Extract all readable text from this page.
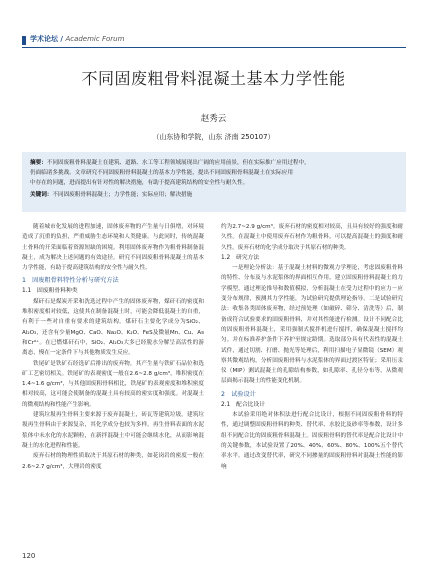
学术论坛 / Academic Forum
不同固废粗骨料混凝土基本力学性能
赵秀云
（山东协和学院，山东 济南 250107）

摘要：不同固废粗骨料混凝土在建筑、道路、水工等工程领域展现出广阔的应用前景，但在实际推广应用过程中，

仍面临诸多挑战。文章研究不同固废粗骨料混凝土的基本力学性能，提出不同固废粗骨料混凝土在实际应用

中存在的问题，进而提出有针对性的解决措施，有助于提高建筑结构的安全性与耐久性。

关键词：不同固废粗骨料混凝土；力学性能；实际应用；解决措施

随着城市化发展的进程加速，固体废弃物的产生量与日俱增，对环境造成了沉重的负担，严重威胁生态环境和人类健康。与此同时，传统混凝土骨料的开采面临着资源短缺的困境。利用固体废弃物作为粗骨料制备混凝土，成为解决上述问题的有效途径。研究不同固废粗骨料混凝土的基本力学性能，有助于提高建筑结构的安全性与耐久性。

1　固废粗骨料特性分析与研究方法
1.1　固废粗骨料种类

煤矸石是煤炭开采和洗选过程中产生的固体废弃物，煤矸石的密度和堆积密度相对较低，这使其在制备混凝土时，可能会降低混凝土的自重，有利于一些对自重有要求的建筑结构。煤矸石主要化学成分为SiO₂、Al₂O₃，还含有少量MgO、CaO、Na₂O、K₂O、FeS及微量Mn、Cu、As和Cr⁶⁺。在已燃煤矸石中，SiO₂、Al₂O₃大多已经脱水分解呈高活性的游离态，慢在一定条件下与其他物质发生反应。

铁尾矿是铁矿石经选矿后排出的废弃物，其产生量与铁矿石品位和选矿工艺密切相关。铁尾矿的表观密度一般在2.6~2.8 g/cm³，堆积密度在1.4~1.6 g/cm³，与其他固废粗骨料相比，铁尾矿的表观密度和堆积密度相对较高，这可能会使制备的混凝土具有较高的密实度和强度。对混凝土的微观结构和性能产生影响。

建筑垃圾再生骨料主要来源于废弃混凝土，砖瓦等建筑垃圾。建筑垃圾再生骨料由于来源复杂，其化学成分也较为多样。再生骨料表面的水泥浆体中未水化的水泥颗粒，在新拌混凝土中可能会继续水化，从而影响混凝土的水化进程和性能。

废弃石材的物理性质取决于其原石材的种类，如花岗岩的密度一般在2.6~2.7 g/cm³，大理岩的密度

约为2.7~2.9 g/cm³。废弃石材的密度相对较高，且具有较好的强度和耐久性。在混凝土中使用废弃石材作为粗骨料，可以提高混凝土的强度和耐久性。废弃石材的化学成分取决于其原石材的种类。

1.2　研究方法

一是理论分析法：基于混凝土材料的微观力学理论，考虑固废粗骨料的特性、分布及与水泥浆体的界面相互作用，建立固废粗骨料混凝土的力学模型，通过理论推导和数值模拟，分析混凝土在受力过程中的应力－应变分布规律，预测其力学性能，为试验研究提供理论指导。二是试验研究法：收集各类固体废弃物，经过预处理（如破碎、筛分、清洗等）后，制备成符合试验要求的固废粗骨料，并对其性能进行检测。设计不同配合比的固废粗骨料混凝土，采用强制式搅拌机进行搅拌，确保混凝土搅拌均匀。并在标准养护条件下养护至规定龄期。选取部分具有代表性的混凝土试件，通过切割、打磨、抛光等处理后，利用扫描电子显微镜（SEM）观察其微观结构，分析固废粗骨料与水泥浆体的界面过渡区特征；采用压汞仪（MIP）测试混凝土的孔隙结构参数，如孔隙率、孔径分布等，从微观层面揭示混凝土的性能变化机制。

2　试验设计
2.1　配合比设计

本试验采用绝对体积法进行配合比设计，根据不同固废粗骨料的特性，通过调整固废粗骨料的种类、替代率、水胶比及砂率等参数，设计多组不同配合比的固废粗骨料混凝土。固废粗骨料的替代率是配合比设计中的关键参数，本试验设置了20%、40%、60%、80%、100%五个替代率水平。通过改变替代率，研究不同掺量的固废粗骨料对混凝土性能的影响

120
